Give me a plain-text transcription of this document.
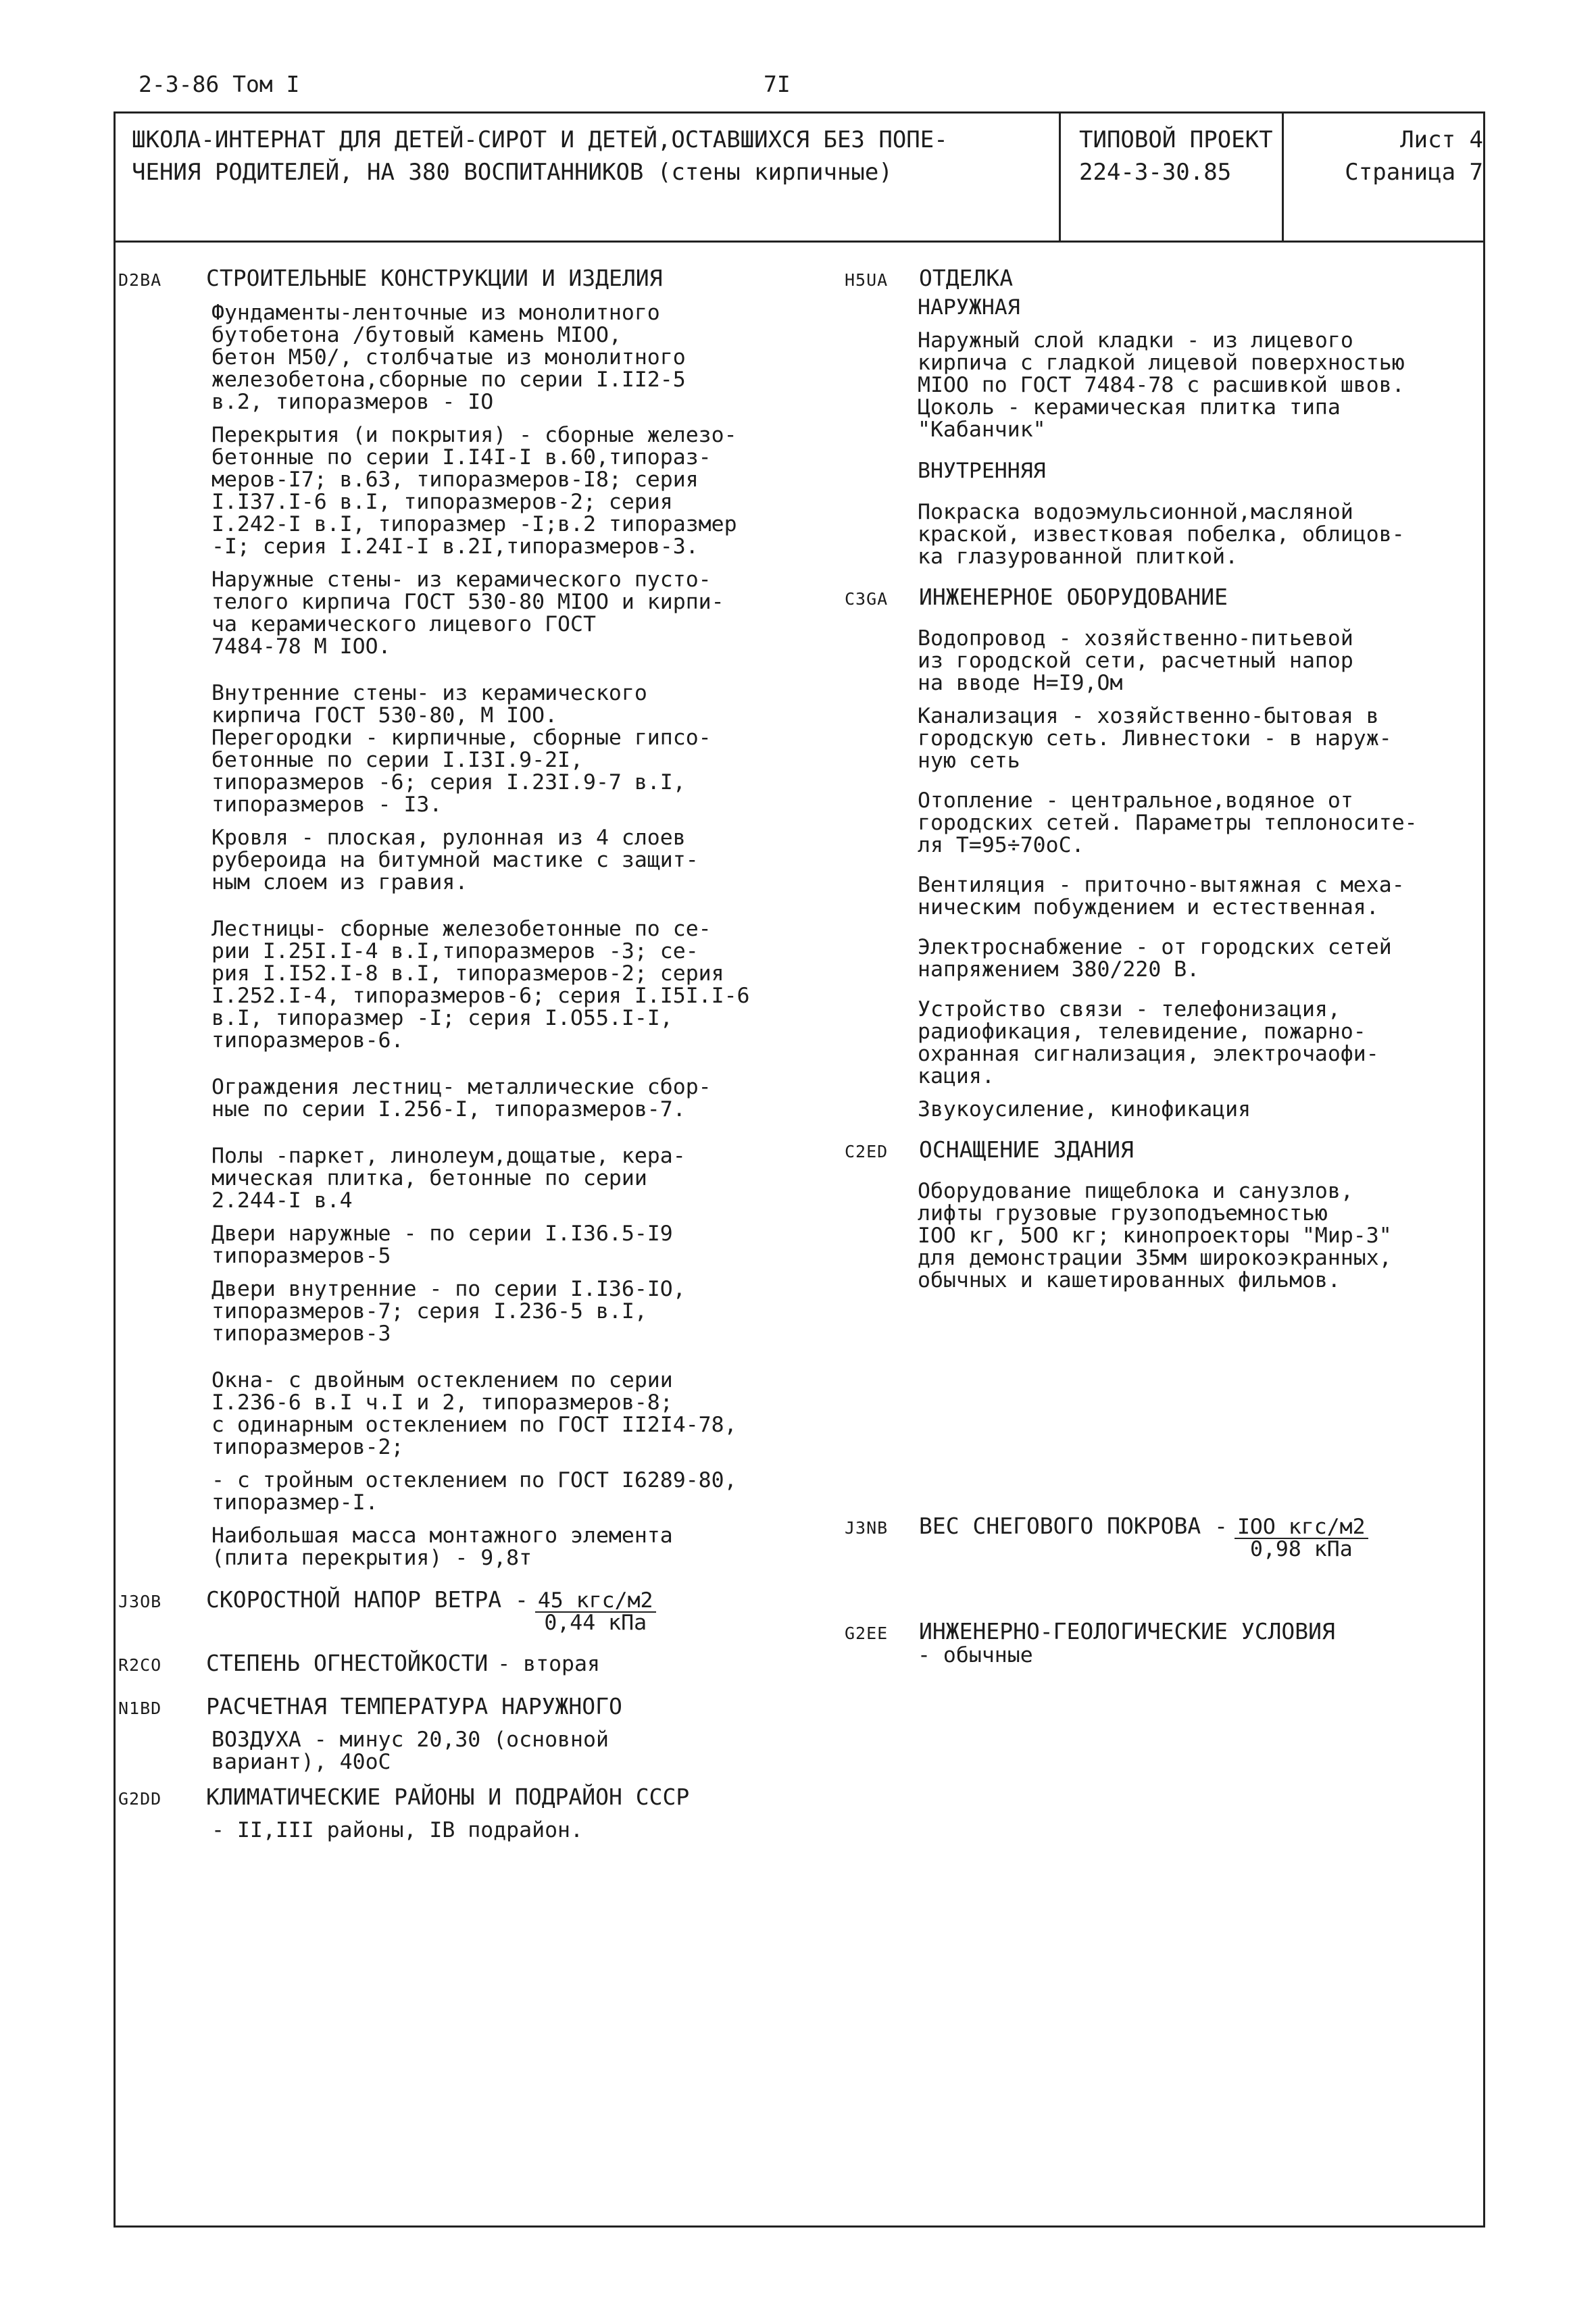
2-3-86 Том I	7I
ШКОЛА-ИНТЕРНАТ ДЛЯ ДЕТЕЙ-СИРОТ И ДЕТЕЙ,ОСТАВШИХСЯ БЕЗ ПОПЕ-
ЧЕНИЯ РОДИТЕЛЕЙ, НА 380 ВОСПИТАННИКОВ (стены кирпичные)
ТИПОВОЙ ПРОЕКТ
224-3-30.85
Лист 4
Страница 7
D2BA	СТРОИТЕЛЬНЫЕ КОНСТРУКЦИИ И ИЗДЕЛИЯ
Фундаменты-ленточные из монолитного
бутобетона /бутовый камень МIОО,
бетон М50/, столбчатые из монолитного
железобетона,сборные по серии I.II2-5
в.2, типоразмеров - IО
Перекрытия (и покрытия) - сборные железо-
бетонные по серии I.I4I-I в.60,типораз-
меров-I7; в.63, типоразмеров-I8; серия
I.I37.I-6 в.I, типоразмеров-2; серия
I.242-I в.I, типоразмер -I;в.2 типоразмер
-I; серия I.24I-I в.2I,типоразмеров-3.
Наружные стены- из керамического пусто-
телого кирпича ГОСТ 530-80 МIОО и кирпи-
ча керамического лицевого ГОСТ
7484-78 М IОО.
Внутренние стены- из керамического
кирпича ГОСТ 530-80, М IОО.
Перегородки - кирпичные, сборные гипсо-
бетонные по серии I.I3I.9-2I,
типоразмеров -6; серия I.23I.9-7 в.I,
типоразмеров - I3.
Кровля - плоская, рулонная из 4 слоев
рубероида на битумной мастике с защит-
ным слоем из гравия.
Лестницы- сборные железобетонные по се-
рии I.25I.I-4 в.I,типоразмеров -3; се-
рия I.I52.I-8 в.I, типоразмеров-2; серия
I.252.I-4, типоразмеров-6; серия I.I5I.I-6
в.I, типоразмер -I; серия I.О55.I-I,
типоразмеров-6.
Ограждения лестниц- металлические сбор-
ные по серии I.256-I, типоразмеров-7.
Полы -паркет, линолеум,дощатые, кера-
мическая плитка, бетонные по серии
2.244-I в.4
Двери наружные - по серии I.I36.5-I9
типоразмеров-5
Двери внутренние - по серии I.I36-IО,
типоразмеров-7; серия I.236-5 в.I,
типоразмеров-3
Окна- с двойным остеклением по серии
I.236-6 в.I ч.I и 2, типоразмеров-8;
с одинарным остеклением по ГОСТ II2I4-78,
типоразмеров-2;
- с тройным остеклением по ГОСТ I6289-80,
типоразмер-I.
Наибольшая масса монтажного элемента
(плита перекрытия) - 9,8т
J3OB	СКОРОСТНОЙ НАПОР ВЕТРА - $\frac{\text{45 кгс/м2}}{\text{0,44 кПа}}$
R2CO	СТЕПЕНЬ ОГНЕСТОЙКОСТИ - вторая
N1BD	РАСЧЕТНАЯ ТЕМПЕРАТУРА НАРУЖНОГО
ВОЗДУХА - минус 20,30 (основной
вариант), 40оС
G2DD	КЛИМАТИЧЕСКИЕ РАЙОНЫ И ПОДРАЙОН СССР
- II,III районы, IВ подрайон.
H5UA	ОТДЕЛКА
НАРУЖНАЯ
Наружный слой кладки - из лицевого
кирпича с гладкой лицевой поверхностью
МIОО по ГОСТ 7484-78 с расшивкой швов.
Цоколь - керамическая плитка типа
"Кабанчик"
ВНУТРЕННЯЯ
Покраска водоэмульсионной,масляной
краской, известковая побелка, облицов-
ка глазурованной плиткой.
C3GA	ИНЖЕНЕРНОЕ ОБОРУДОВАНИЕ
Водопровод - хозяйственно-питьевой
из городской сети, расчетный напор
на вводе Н=I9,Ом
Канализация - хозяйственно-бытовая в
городскую сеть. Ливнестоки - в наруж-
ную сеть
Отопление - центральное,водяное от
городских сетей. Параметры теплоносите-
ля Т=95÷70оС.
Вентиляция - приточно-вытяжная с меха-
ническим побуждением и естественная.
Электроснабжение - от городских сетей
напряжением 380/220 В.
Устройство связи - телефонизация,
радиофикация, телевидение, пожарно-
охранная сигнализация, электрочаофи-
кация.
Звукоусиление, кинофикация
C2ED	ОСНАЩЕНИЕ ЗДАНИЯ
Оборудование пищеблока и санузлов,
лифты грузовые грузоподъемностью
IОО кг, 5ОО кг; кинопроекторы "Мир-3"
для демонстрации 35мм широкоэкранных,
обычных и кашетированных фильмов.
J3NB	ВЕС СНЕГОВОГО ПОКРОВА - $\frac{\text{IОО кгс/м2}}{\text{0,98 кПа}}$
G2EE	ИНЖЕНЕРНО-ГЕОЛОГИЧЕСКИЕ УСЛОВИЯ
- обычные
